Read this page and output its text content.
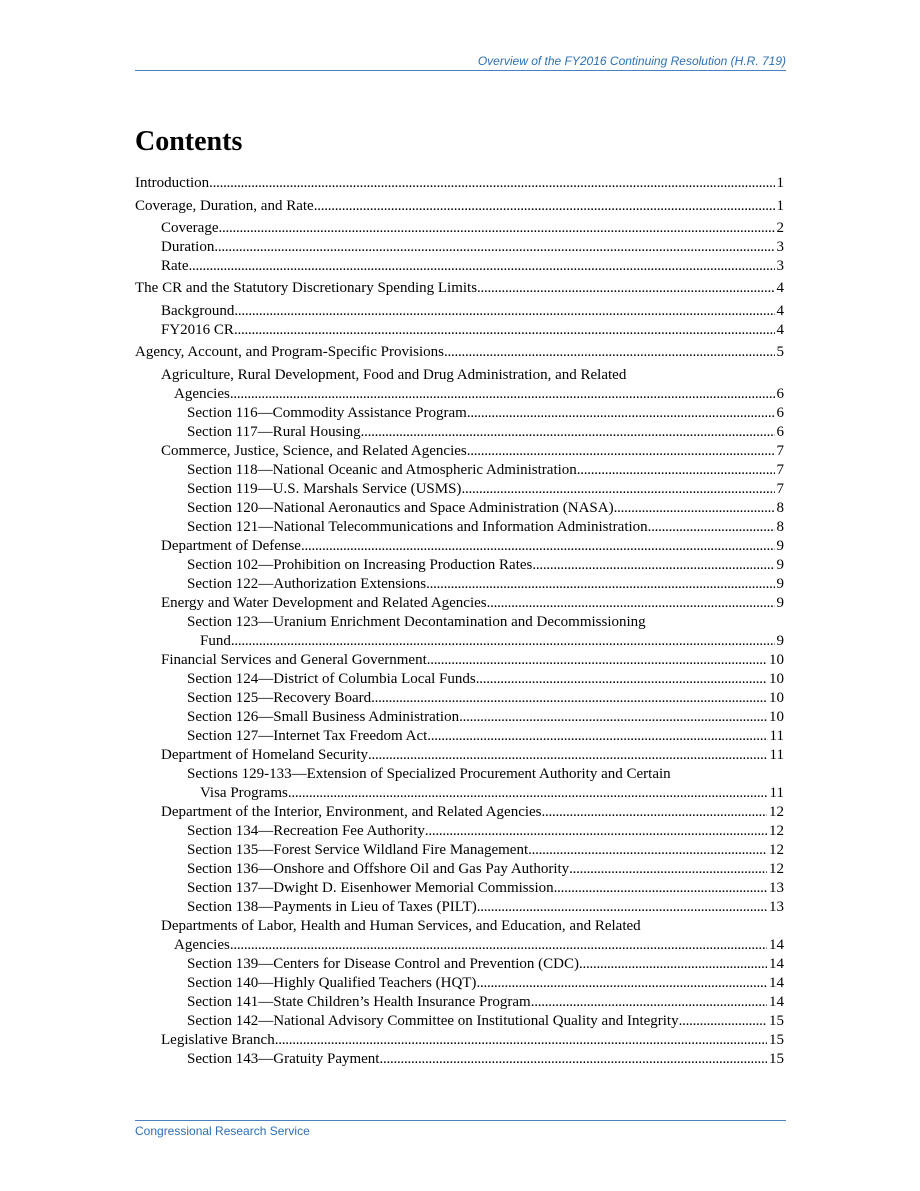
Overview of the FY2016 Continuing Resolution (H.R. 719)
Contents
Introduction . . .	1
Coverage, Duration, and Rate . . .	1
Coverage . . .	2
Duration . . .	3
Rate . . .	3
The CR and the Statutory Discretionary Spending Limits . . .	4
Background . . .	4
FY2016 CR . . .	4
Agency, Account, and Program-Specific Provisions . . .	5
Agriculture, Rural Development, Food and Drug Administration, and Related
Agencies . . .	6
Section 116—Commodity Assistance Program . . .	6
Section 117—Rural Housing . . .	6
Commerce, Justice, Science, and Related Agencies . . .	7
Section 118—National Oceanic and Atmospheric Administration . . .	7
Section 119—U.S. Marshals Service (USMS) . . .	7
Section 120—National Aeronautics and Space Administration (NASA) . . .	8
Section 121—National Telecommunications and Information Administration . . .	8
Department of Defense . . .	9
Section 102—Prohibition on Increasing Production Rates . . .	9
Section 122—Authorization Extensions . . .	9
Energy and Water Development and Related Agencies . . .	9
Section 123—Uranium Enrichment Decontamination and Decommissioning
Fund . . .	9
Financial Services and General Government . . .	10
Section 124—District of Columbia Local Funds . . .	10
Section 125—Recovery Board . . .	10
Section 126—Small Business Administration . . .	10
Section 127—Internet Tax Freedom Act . . .	11
Department of Homeland Security . . .	11
Sections 129-133—Extension of Specialized Procurement Authority and Certain
Visa Programs . . .	11
Department of the Interior, Environment, and Related Agencies . . .	12
Section 134—Recreation Fee Authority . . .	12
Section 135—Forest Service Wildland Fire Management . . .	12
Section 136—Onshore and Offshore Oil and Gas Pay Authority . . .	12
Section 137—Dwight D. Eisenhower Memorial Commission . . .	13
Section 138—Payments in Lieu of Taxes (PILT) . . .	13
Departments of Labor, Health and Human Services, and Education, and Related
Agencies . . .	14
Section 139—Centers for Disease Control and Prevention (CDC) . . .	14
Section 140—Highly Qualified Teachers (HQT) . . .	14
Section 141—State Children’s Health Insurance Program . . .	14
Section 142—National Advisory Committee on Institutional Quality and Integrity . . .	15
Legislative Branch . . .	15
Section 143—Gratuity Payment . . .	15
Congressional Research Service
